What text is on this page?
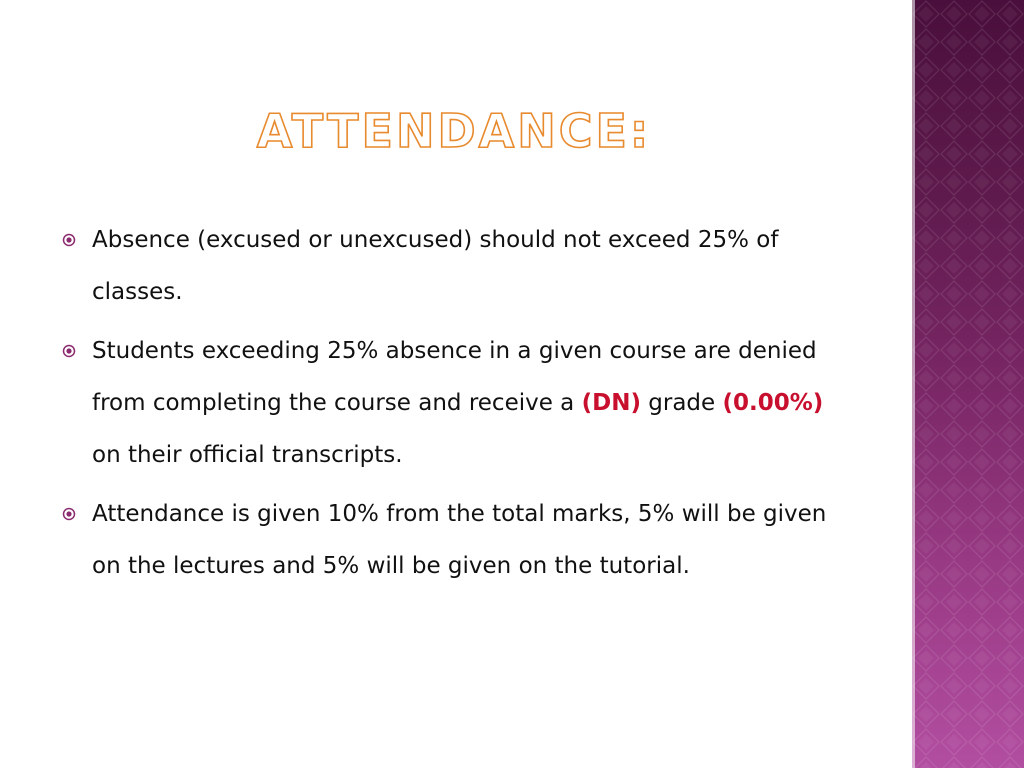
ATTENDANCE:
Absence (excused or unexcused) should not exceed 25% of classes.
Students exceeding 25% absence in a given course are denied from completing the course and receive a (DN) grade (0.00%) on their official transcripts.
Attendance is given 10% from the total marks, 5% will be given on the lectures and 5% will be given on the tutorial.
